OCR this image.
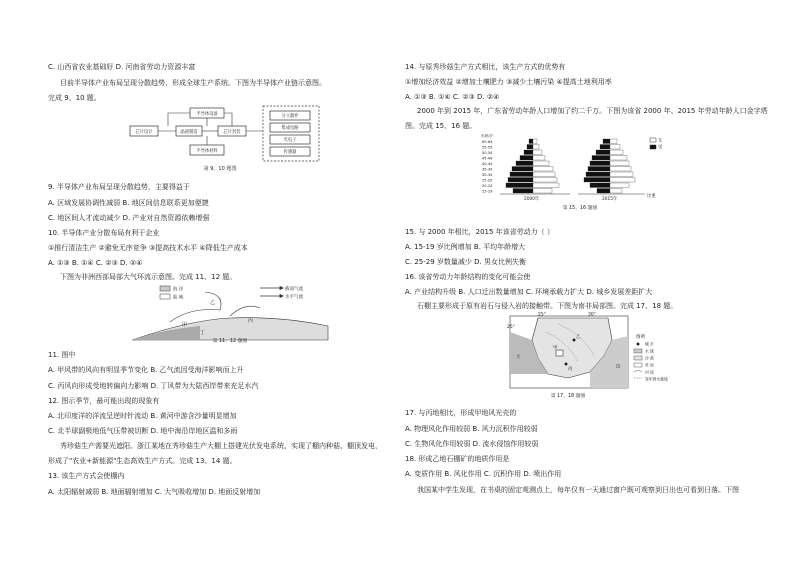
C. 山西省农业基础好 D. 河南省劳动力资源丰富
目前半导体产业布局呈现分散趋势，形成全球生产系统。下图为半导体产业链示意图。
完成 9、10 题。
芯片设计
半导体设备
晶圆制造	芯片封装
半导体材料
分立器件
集成电路
光电子
传感器
第 9、10 题图
9. 半导体产业布局呈现分散趋势，主要得益于
A. 区域发展协调性减弱 B. 地区间信息联系更加便捷
C. 地区间人才流动减少 D. 产业对自然资源依赖增强
10. 半导体产业分散布局有利于企业
①推行清洁生产 ②避免无序竞争 ③提高技术水平 ④降低生产成本
A. ①③ B. ①④ C. ②③ D. ②④
下图为非洲西部局部大气环流示意图。完成 11、12 题。
海 洋
陆 地
截面气流
水平气流
乙
甲
丙
丁
第 11、12 题图
11. 图中
A. 甲风带的风向有明显季节变化 B. 乙气流因受海洋影响而上升
C. 丙风向形成受地转偏向力影响 D. 丁风带为大陆西岸带来充足水汽
12. 图示季节，最可能出现的现象有
A. 北印度洋的洋流呈逆时针流动 B. 黄河中游含沙量明显增加
C. 北半球副极地低气压带被切断 D. 地中海沿岸地区温和多雨
秀珍菇生产需要光遮阳。浙江某地在秀珍菇生产大棚上搭建光伏发电系统，实现了棚内种菇、棚顶发电，
形成了"农业+新能源"生态高效生产方式。完成 13、14 题。
13. 该生产方式会使棚内
A. 太阳辐射减弱 B. 地面辐射增加 C. 大气吸收增加 D. 地面反射增加
14. 与原秀珍菇生产方式相比，该生产方式的优势有
①增加经济效益 ②增加土壤肥力 ③减少土壤污染 ④提高土地利用率
A. ①③ B. ①④ C. ②③ D. ②④
2000 年到 2015 年，广东省劳动年龄人口增加了约二千万。下图为该省 2000 年、2015 年劳动年龄人口金字塔
图。完成 15、16 题。
年龄/岁
60-64
55-59
50-54
45-49
40-44
35-39
30-34
25-29
20-24
15-19
女
男
2000年	2015年
比重
第 15、16 题图
15. 与 2000 年相比，2015 年该省劳动力（ ）
A. 15-19 岁比例增加 B. 平均年龄增大
C. 25-29 岁数量减少 D. 男女比例失衡
16. 该省劳动力年龄结构的变化可能会使
A. 产业结构升级 B. 人口迁出数量增加 C. 环境承载力扩大 D. 城乡发展差距扩大
石棚主要形成于原有岩石与侵入岩的接触带。下图为南非局部图。完成 17、18 题。
25°	30°
25°
大
甲
乙
丙	印
图例
城 市
水 域
沙 漠
草 原
河 流
等年降水量线
第 17、18 题图
17. 与丙地相比，形成甲地风光壳的
A. 物理风化作用较弱 B. 风力沉积作用较弱
C. 生物风化作用较弱 D. 流水侵蚀作用较弱
18. 形成乙地石棚矿的地质作用是
A. 变质作用 B. 风化作用 C. 沉积作用 D. 喷出作用
我国某中学生发现，在书桌的固定观测点上，每年仅有一天通过窗户既可观察到日出也可看到日落。下图
